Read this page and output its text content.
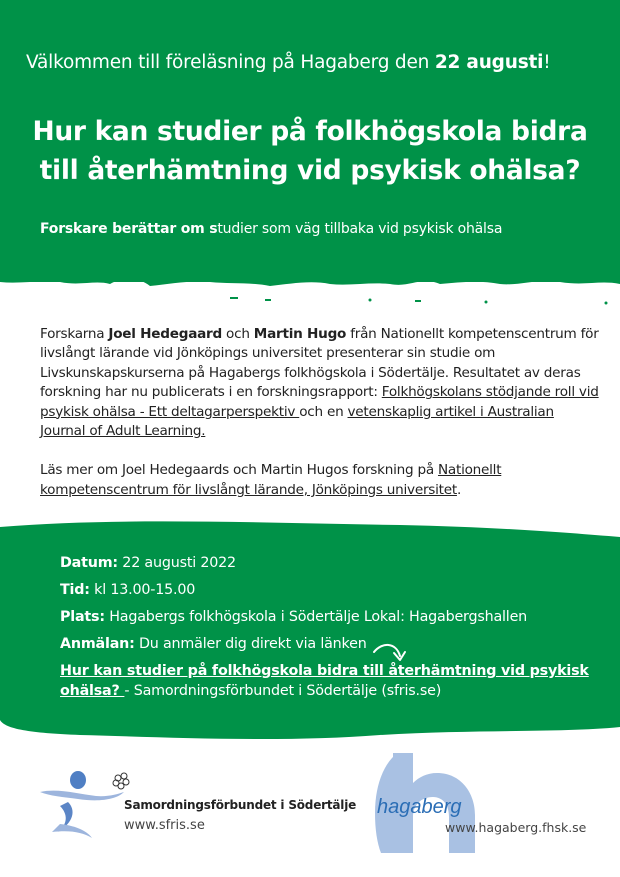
Välkommen till föreläsning på Hagaberg den 22 augusti!
Hur kan studier på folkhögskola bidra
till återhämtning vid psykisk ohälsa?
Forskare berättar om studier som väg tillbaka vid psykisk ohälsa
Forskarna Joel Hedegaard och Martin Hugo från Nationellt kompetenscentrum för livslångt lärande vid Jönköpings universitet presenterar sin studie om Livskunskapskurserna på Hagabergs folkhögskola i Södertälje. Resultatet av deras forskning har nu publicerats i en forskningsrapport: Folkhögskolans stödjande roll vid psykisk ohälsa - Ett deltagarperspektiv och en vetenskaplig artikel i Australian Journal of Adult Learning.
Läs mer om Joel Hedegaards och Martin Hugos forskning på Nationellt kompetenscentrum för livslångt lärande, Jönköpings universitet.
Datum: 22 augusti 2022
Tid: kl 13.00-15.00
Plats: Hagabergs folkhögskola i Södertälje Lokal: Hagabergshallen
Anmälan: Du anmäler dig direkt via länken
Hur kan studier på folkhögskola bidra till återhämtning vid psykisk ohälsa? - Samordningsförbundet i Södertälje (sfris.se)
Samordningsförbundet i Södertälje
www.sfris.se
hagaberg
www.hagaberg.fhsk.se
